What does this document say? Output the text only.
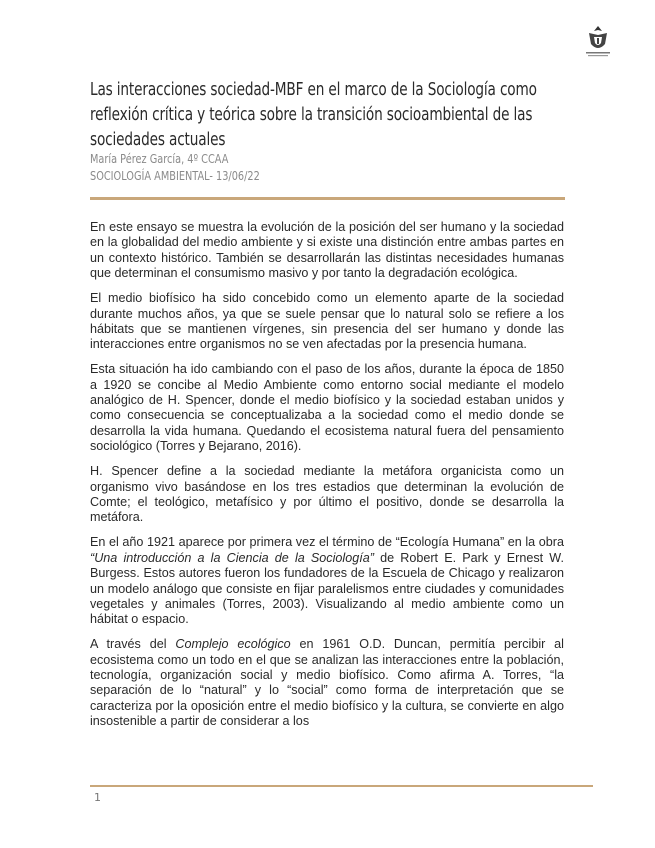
Las interacciones sociedad-MBF en el marco de la Sociología como reflexión crítica y teórica sobre la transición socioambiental de las sociedades actuales
María Pérez García, 4º CCAA
SOCIOLOGÍA AMBIENTAL- 13/06/22

En este ensayo se muestra la evolución de la posición del ser humano y la sociedad en la globalidad del medio ambiente y si existe una distinción entre ambas partes en un contexto histórico. También se desarrollarán las distintas necesidades humanas que determinan el consumismo masivo y por tanto la degradación ecológica.

El medio biofísico ha sido concebido como un elemento aparte de la sociedad durante muchos años, ya que se suele pensar que lo natural solo se refiere a los hábitats que se mantienen vírgenes, sin presencia del ser humano y donde las interacciones entre organismos no se ven afectadas por la presencia humana.

Esta situación ha ido cambiando con el paso de los años, durante la época de 1850 a 1920 se concibe al Medio Ambiente como entorno social mediante el modelo analógico de H. Spencer, donde el medio biofísico y la sociedad estaban unidos y como consecuencia se conceptualizaba a la sociedad como el medio donde se desarrolla la vida humana. Quedando el ecosistema natural fuera del pensamiento sociológico (Torres y Bejarano, 2016).

H. Spencer define a la sociedad mediante la metáfora organicista como un organismo vivo basándose en los tres estadios que determinan la evolución de Comte; el teológico, metafísico y por último el positivo, donde se desarrolla la metáfora.

En el año 1921 aparece por primera vez el término de “Ecología Humana” en la obra “Una introducción a la Ciencia de la Sociología” de Robert E. Park y Ernest W. Burgess. Estos autores fueron los fundadores de la Escuela de Chicago y realizaron un modelo análogo que consiste en fijar paralelismos entre ciudades y comunidades vegetales y animales (Torres, 2003). Visualizando al medio ambiente como un hábitat o espacio.

A través del Complejo ecológico en 1961 O.D. Duncan, permitía percibir al ecosistema como un todo en el que se analizan las interacciones entre la población, tecnología, organización social y medio biofísico. Como afirma A. Torres, “la separación de lo “natural” y lo “social” como forma de interpretación que se caracteriza por la oposición entre el medio biofísico y la cultura, se convierte en algo insostenible a partir de considerar a los

1
